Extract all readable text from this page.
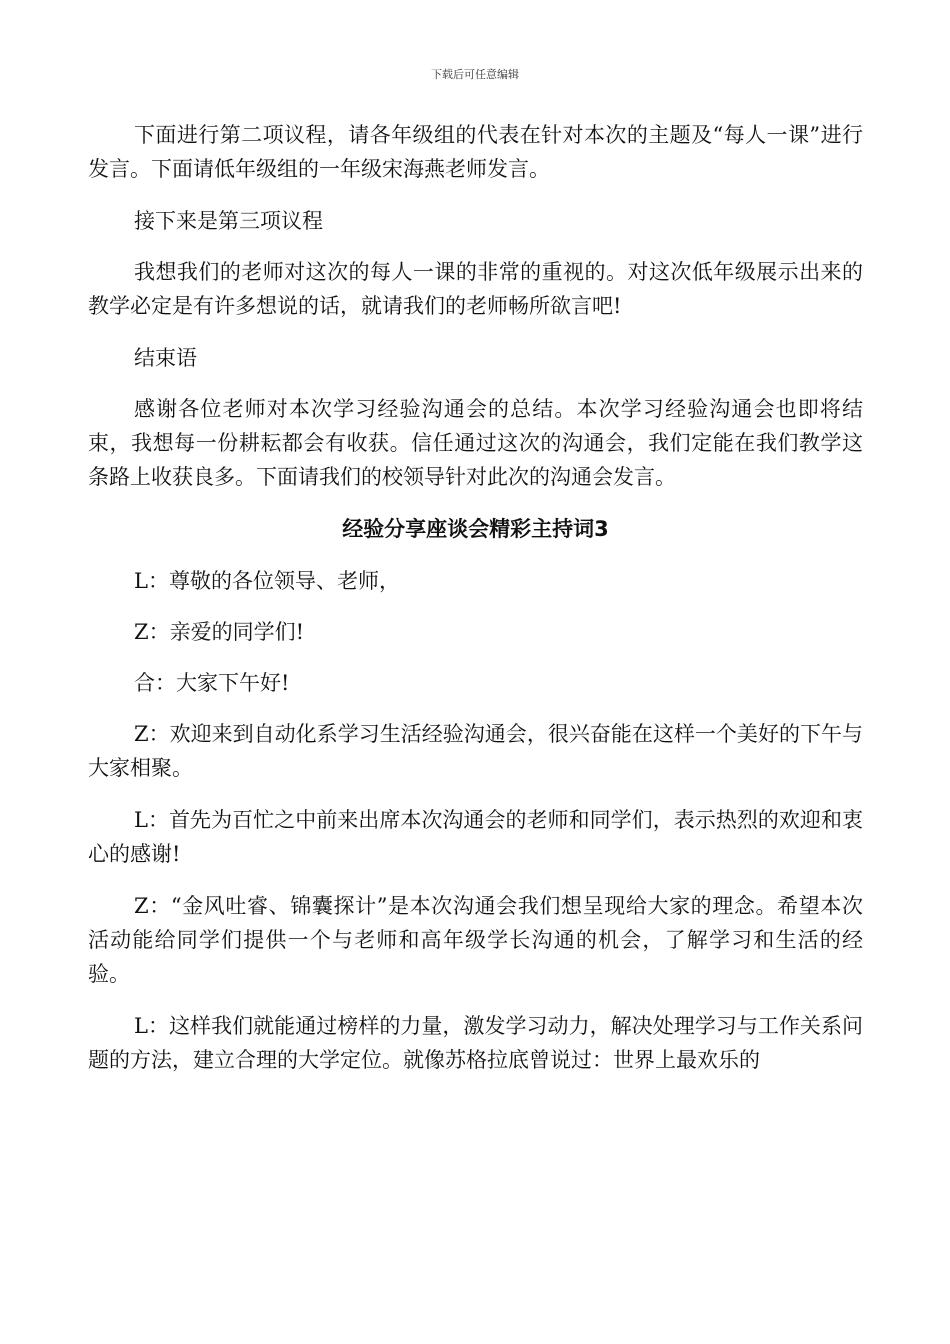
下载后可任意编辑

下面进行第二项议程，请各年级组的代表在针对本次的主题及“每人一课”进行发言。下面请低年级组的一年级宋海燕老师发言。

接下来是第三项议程

我想我们的老师对这次的每人一课的非常的重视的。对这次低年级展示出来的教学必定是有许多想说的话，就请我们的老师畅所欲言吧!

结束语

感谢各位老师对本次学习经验沟通会的总结。本次学习经验沟通会也即将结束，我想每一份耕耘都会有收获。信任通过这次的沟通会，我们定能在我们教学这条路上收获良多。下面请我们的校领导针对此次的沟通会发言。

经验分享座谈会精彩主持词3

L：尊敬的各位领导、老师，

Z：亲爱的同学们!

合：大家下午好!

Z：欢迎来到自动化系学习生活经验沟通会，很兴奋能在这样一个美好的下午与大家相聚。

L：首先为百忙之中前来出席本次沟通会的老师和同学们，表示热烈的欢迎和衷心的感谢!

Z：“金风吐睿、锦囊探计”是本次沟通会我们想呈现给大家的理念。希望本次活动能给同学们提供一个与老师和高年级学长沟通的机会，了解学习和生活的经验。

L：这样我们就能通过榜样的力量，激发学习动力，解决处理学习与工作关系问题的方法，建立合理的大学定位。就像苏格拉底曾说过：世界上最欢乐的
